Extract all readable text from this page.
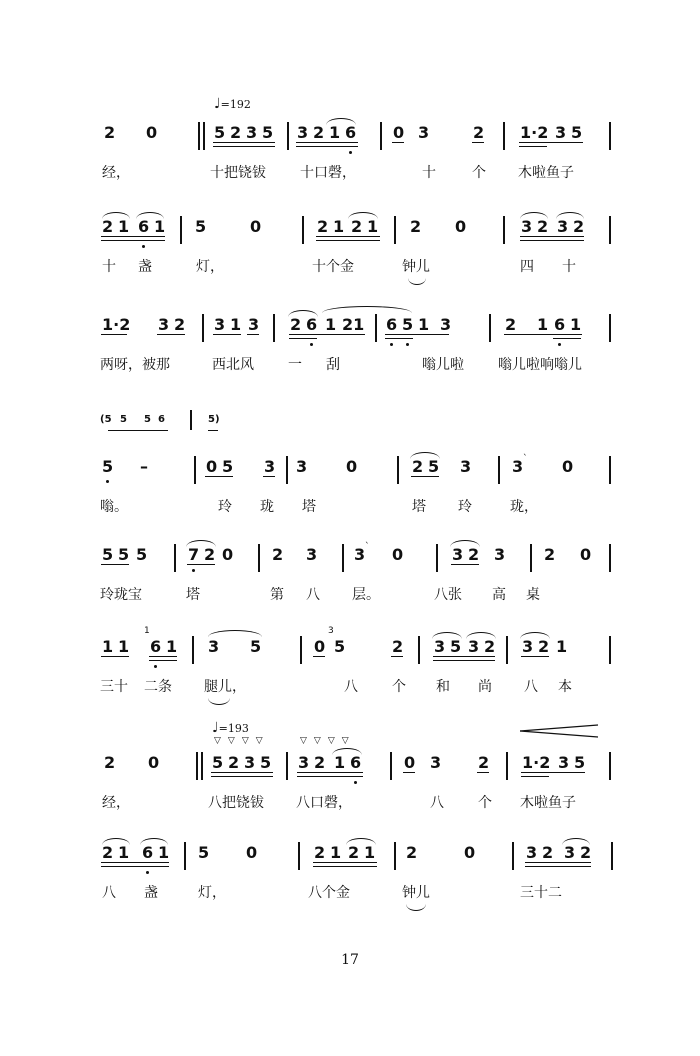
♩=192
2 0	5 2 3 5 3 2 1 6 0 3	2 1·2 3 5
经，	十把铙钹 十口磬，	十	个 木啦鱼子
2 1 6 1 5	0	2 1 2 1 2 0	3 2 3 2
十 盏	灯，	十个金	钟儿	四 十
1·2 3 2 3 1 3 2 6 1 21 6 5 1 3	2 1 6 1
两呀，被那	西北风 一 刮	嗡儿啦 嗡儿啦响嗡儿
(5 5 5 6	5)
5 –	0 5 3 3 0	2 5 3	3 ˋ 0
嗡。	玲 珑 塔	塔 玲	珑，
5 5 5	7 2 0 2 3 3 ˋ 0	3 2 3 2 0
玲珑宝	塔	第 八 层。	八张 高 桌
1 1
1
6 1 3 5	0
3
5	2 3 5 3 2 3 2 1
三十 二条 腿儿，	八 个 和 尚 八 本
♩=193
▽▽▽▽	▽▽▽▽
2 0	5 2 3 5 3 2 1 6	0 3 2 1·2 3 5
经，	八把铙钹 八口磬，	八 个 木啦鱼子
2 1 6 1 5 0	2 1 2 1 2	0	3 2 3 2
八 盏	灯，	八个金	钟儿	三十二
17
